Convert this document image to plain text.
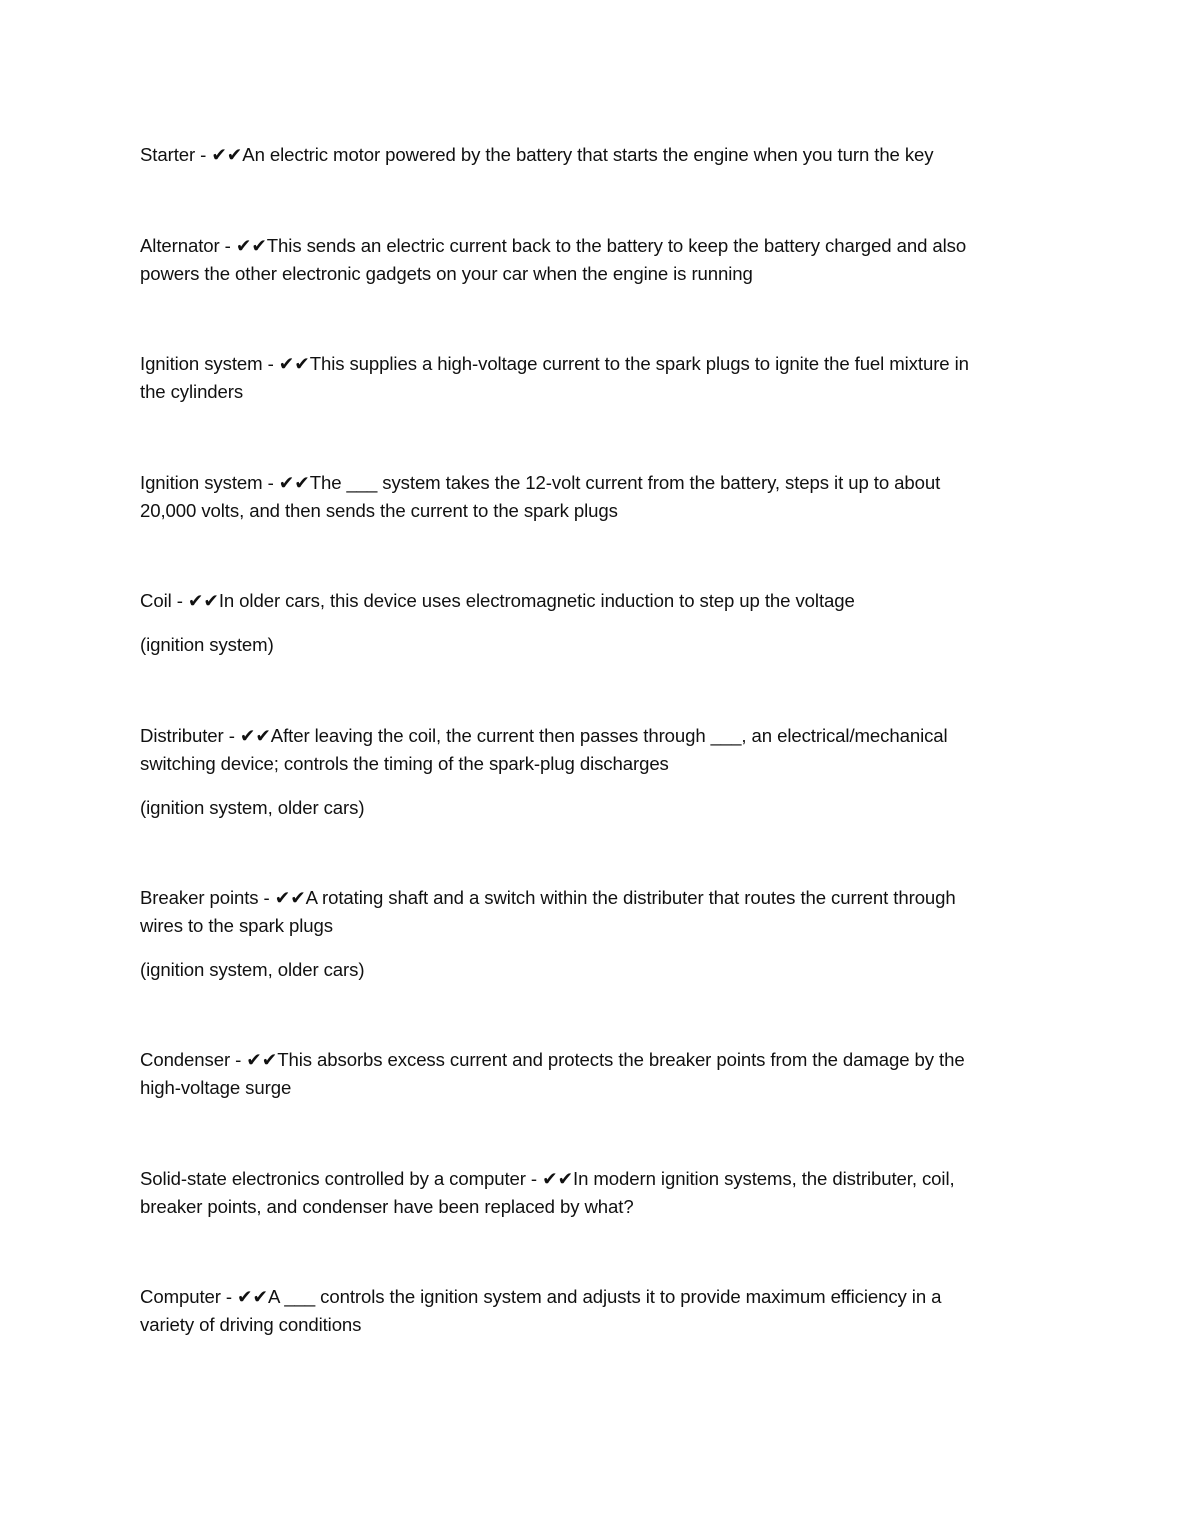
Starter - ✔✔An electric motor powered by the battery that starts the engine when you turn the key
Alternator - ✔✔This sends an electric current back to the battery to keep the battery charged and also
powers the other electronic gadgets on your car when the engine is running
Ignition system - ✔✔This supplies a high-voltage current to the spark plugs to ignite the fuel mixture in
the cylinders
Ignition system - ✔✔The ___ system takes the 12-volt current from the battery, steps it up to about
20,000 volts, and then sends the current to the spark plugs
Coil - ✔✔In older cars, this device uses electromagnetic induction to step up the voltage
(ignition system)
Distributer - ✔✔After leaving the coil, the current then passes through ___, an electrical/mechanical
switching device; controls the timing of the spark-plug discharges
(ignition system, older cars)
Breaker points - ✔✔A rotating shaft and a switch within the distributer that routes the current through
wires to the spark plugs
(ignition system, older cars)
Condenser - ✔✔This absorbs excess current and protects the breaker points from the damage by the
high-voltage surge
Solid-state electronics controlled by a computer - ✔✔In modern ignition systems, the distributer, coil,
breaker points, and condenser have been replaced by what?
Computer - ✔✔A ___ controls the ignition system and adjusts it to provide maximum efficiency in a
variety of driving conditions
